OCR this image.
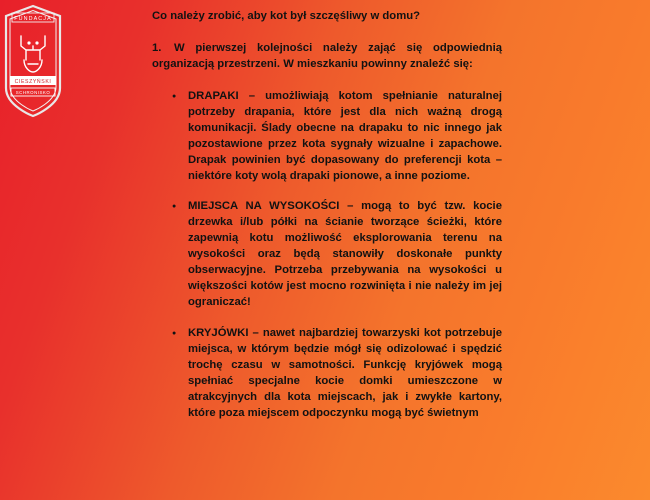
FUNDACJA
CIESZYŃSKI
SCHRONISKO

Co należy zrobić, aby kot był szczęśliwy w domu?

1. W pierwszej kolejności należy zająć się odpowiednią organizacją przestrzeni. W mieszkaniu powinny znaleźć się:

● DRAPAKI – umożliwiają kotom spełnianie naturalnej potrzeby drapania, które jest dla nich ważną drogą komunikacji. Ślady obecne na drapaku to nic innego jak pozostawione przez kota sygnały wizualne i zapachowe. Drapak powinien być dopasowany do preferencji kota – niektóre koty wolą drapaki pionowe, a inne poziome.
● MIEJSCA NA WYSOKOŚCI – mogą to być tzw. kocie drzewka i/lub półki na ścianie tworzące ścieżki, które zapewnią kotu możliwość eksplorowania terenu na wysokości oraz będą stanowiły doskonałe punkty obserwacyjne. Potrzeba przebywania na wysokości u większości kotów jest mocno rozwinięta i nie należy im jej ograniczać!
● KRYJÓWKI – nawet najbardziej towarzyski kot potrzebuje miejsca, w którym będzie mógł się odizolować i spędzić trochę czasu w samotności. Funkcję kryjówek mogą spełniać specjalne kocie domki umieszczone w atrakcyjnych dla kota miejscach, jak i zwykłe kartony, które poza miejscem odpoczynku mogą być świetnym
